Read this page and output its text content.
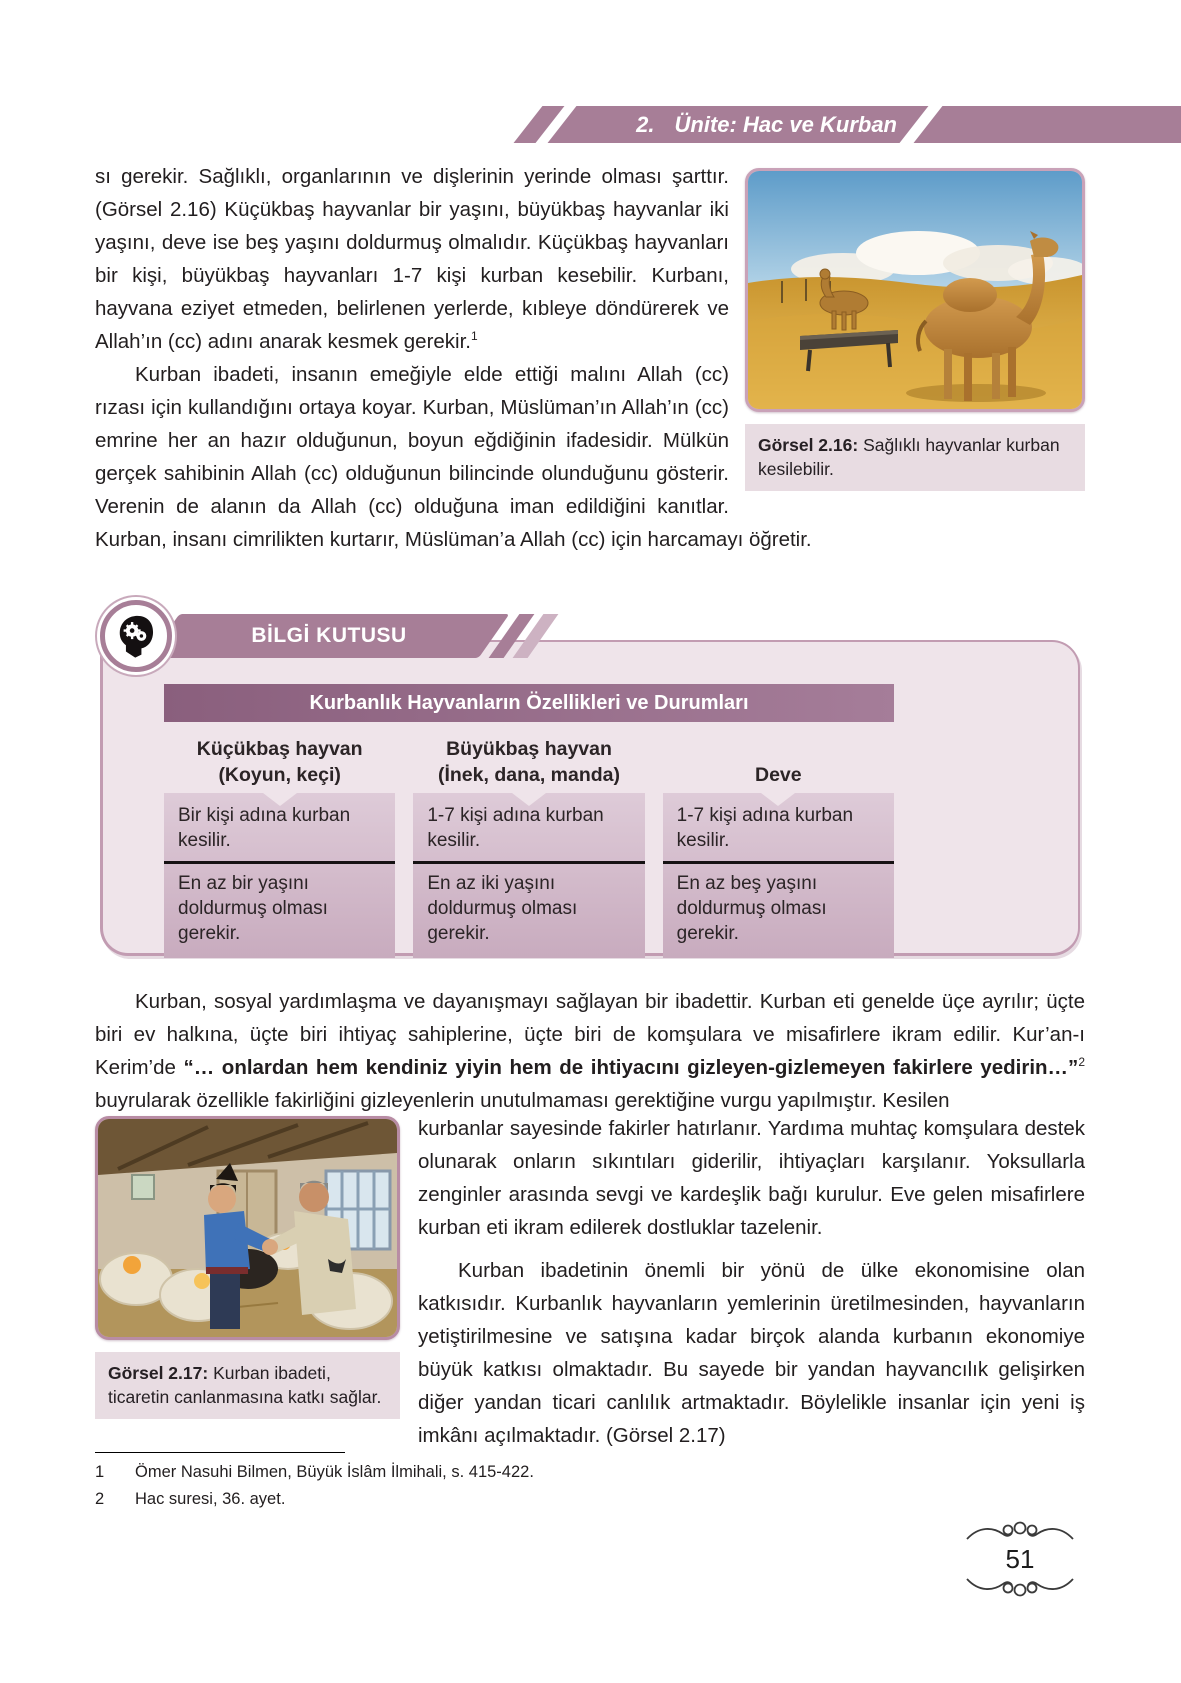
2. Ünite: Hac ve Kurban
Görsel 2.16: Sağlıklı hayvanlar kurban kesilebilir.

sı gerekir. Sağlıklı, organlarının ve dişlerinin yerinde olması şarttır. (Görsel 2.16) Küçükbaş hayvanlar bir yaşını, büyükbaş hayvanlar iki yaşını, deve ise beş yaşını doldurmuş olmalıdır. Küçükbaş hayvanları bir kişi, büyükbaş hayvanları 1-7 kişi kurban kesebilir. Kurbanı, hayvana eziyet etmeden, belirlenen yerlerde, kıbleye döndürerek ve Allah’ın (cc) adını anarak kesmek gerekir.$^1$

Kurban ibadeti, insanın emeğiyle elde ettiği malını Allah (cc) rızası için kullandığını ortaya koyar. Kurban, Müslüman’ın Allah’ın (cc) emrine her an hazır olduğunun, boyun eğdiğinin ifadesidir. Mülkün gerçek sahibinin Allah (cc) olduğunun bilincinde olunduğunu gösterir. Verenin de alanın da Allah (cc) olduğuna iman edildiğini kanıtlar. Kurban, insanı cimrilikten kurtarır, Müslüman’a Allah (cc) için harcamayı öğretir.

BİLGİ KUTUSU
Kurbanlık Hayvanların Özellikleri ve Durumları
Küçükbaş hayvan
(Koyun, keçi)
Bir kişi adına kurban kesilir.
En az bir yaşını doldurmuş olması gerekir.
Büyükbaş hayvan
(İnek, dana, manda)
1-7 kişi adına kurban kesilir.
En az iki yaşını doldurmuş olması gerekir.
Deve
1-7 kişi adına kurban kesilir.
En az beş yaşını doldurmuş olması gerekir.

Kurban, sosyal yardımlaşma ve dayanışmayı sağlayan bir ibadettir. Kurban eti genelde üçe ayrılır; üçte biri ev halkına, üçte biri ihtiyaç sahiplerine, üçte biri de komşulara ve misafirlere ikram edilir. Kur’an-ı Kerim’de “… onlardan hem kendiniz yiyin hem de ihtiyacını gizleyen-gizlemeyen fakirlere yedirin…”$^2$ buyrularak özellikle fakirliğini gizleyenlerin unutulmaması gerektiğine vurgu yapılmıştır. Kesilen

Görsel 2.17: Kurban ibadeti, ticaretin canlanmasına katkı sağlar.

kurbanlar sayesinde fakirler hatırlanır. Yardıma muhtaç komşulara destek olunarak onların sıkıntıları giderilir, ihtiyaçları karşılanır. Yoksullarla zenginler arasında sevgi ve kardeşlik bağı kurulur. Eve gelen misafirlere kurban eti ikram edilerek dostluklar tazelenir.

Kurban ibadetinin önemli bir yönü de ülke ekonomisine olan katkısıdır. Kurbanlık hayvanların yemlerinin üretilmesinden, hayvanların yetiştirilmesine ve satışına kadar birçok alanda kurbanın ekonomiye büyük katkısı olmaktadır. Bu sayede bir yandan hayvancılık gelişirken diğer yandan ticari canlılık artmaktadır. Böylelikle insanlar için yeni iş imkânı açılmaktadır. (Görsel 2.17)

1	Ömer Nasuhi Bilmen, Büyük İslâm İlmihali, s. 415-422.
2	Hac suresi, 36. ayet.
51
